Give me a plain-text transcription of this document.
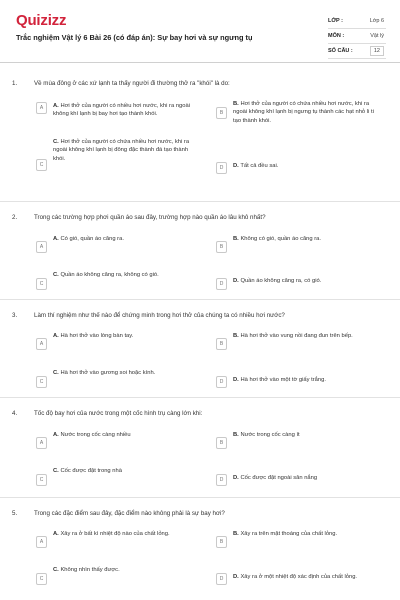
Quizizz
Trắc nghiệm Vật lý 6 Bài 26 (có đáp án): Sự bay hơi và sự ngưng tụ
LỚP :	Lớp 6
MÔN :	Vật lý
SỐ CÂU :	12
1.	Về mùa đông ở các xứ lạnh ta thấy người đi thường thở ra "khói" là do:
A	A. Hơi thở của người có nhiều hơi nước, khi ra ngoài không khí lạnh bị bay hơi tạo thành khói.	B
B. Hơi thở của người có chứa nhiều hơi nước, khi ra ngoài không khí lạnh bị ngưng tụ thành các hạt nhỏ li ti tạo thành khói.
C
C. Hơi thở của người có chứa nhiều hơi nước, khi ra ngoài không khí lạnh bị đông đặc thành đá tạo thành khói.
D	D. Tất cả đều sai.
2.	Trong các trường hợp phơi quần áo sau đây, trường hợp nào quần áo lâu khô nhất?
A
A. Có gió, quần áo căng ra.
B
B. Không có gió, quần áo căng ra.
C
C. Quần áo không căng ra, không có gió.
D	D. Quần áo không căng ra, có gió.
3.	Làm thí nghiệm như thế nào để chứng minh trong hơi thở của chúng ta có nhiều hơi nước?
A
A. Hà hơi thở vào lòng bàn tay.
B
B. Hà hơi thở vào vung nồi đang đun trên bếp.
C
C. Hà hơi thở vào gương soi hoặc kính.
D	D. Hà hơi thở vào một tờ giấy trắng.
4.	Tốc độ bay hơi của nước trong một cốc hình trụ càng lớn khi:
A
A. Nước trong cốc càng nhiều
B
B. Nước trong cốc càng ít
C
C. Cốc được đặt trong nhà
D	D. Cốc được đặt ngoài sân nắng
5.	Trong các đặc điểm sau đây, đặc điểm nào không phải là sự bay hơi?
A
A. Xảy ra ở bất kì nhiệt độ nào của chất lỏng.
B
B. Xảy ra trên mặt thoáng của chất lỏng.
C
C. Không nhìn thấy được.
D	D. Xảy ra ở một nhiệt độ xác định của chất lỏng.
